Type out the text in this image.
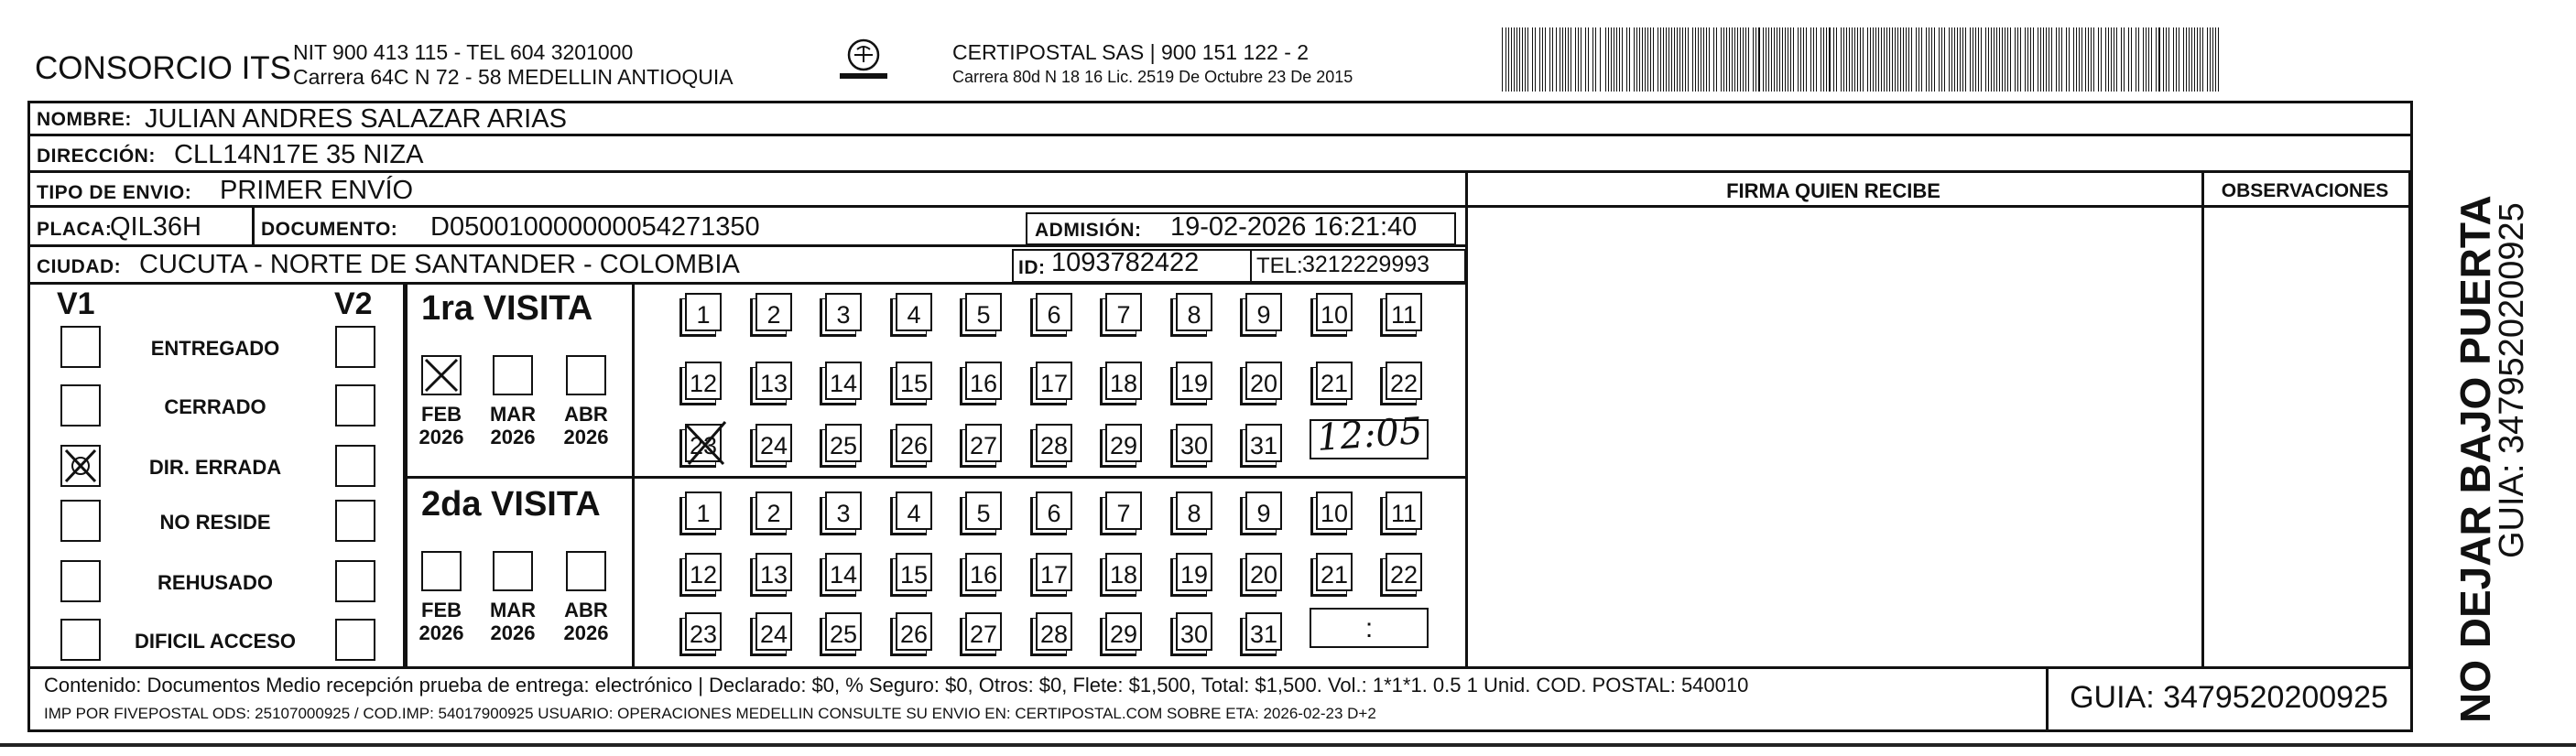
CONSORCIO ITS NIT 900 413 115 - TEL 604 3201000
Carrera 64C N 72 - 58 MEDELLIN ANTIOQUIA
CERTIPOSTAL SAS | 900 151 122 - 2
Carrera 80d N 18 16 Lic. 2519 De Octubre 23 De 2015
NOMBRE: JULIAN ANDRES SALAZAR ARIAS
DIRECCIÓN: CLL14N17E 35 NIZA
TIPO DE ENVIO: PRIMER ENVÍO	FIRMA QUIEN RECIBE	OBSERVACIONES
PLACA:
QIL36H	DOCUMENTO: D050010000000054271350	ADMISIÓN: 19-02-2026 16:21:40
CIUDAD: CUCUTA - NORTE DE SANTANDER - COLOMBIA	ID: 1093782422	TEL: 3212229993
V1	V2
ENTREGADO
CERRADO
DIR. ERRADA
NO RESIDE
REHUSADO
DIFICIL ACCESO
1ra VISITA
FEB
2026
MAR
2026
ABR
2026
2da VISITA
FEB
2026
MAR
2026
ABR
2026
1	2	3	4	5	6	7	8	9	10 11
12 13 14 15 16 17 18 19 20 21 22
23 24 25 26 27 28 29 30 31
1	2	3	4	5	6	7	8	9	10 11
12 13 14 15 16 17 18 19 20 21 22
23 24 25 26 27 28 29 30 31
12:05
:	NO DEJAR BAJO PUERTA
GUIA: 3479520200925
Contenido: Documentos Medio recepción prueba de entrega: electrónico | Declarado: $0, % Seguro: $0, Otros: $0, Flete: $1,500, Total: $1,500. Vol.: 1*1*1. 0.5 1 Unid. COD. POSTAL: 540010
IMP POR FIVEPOSTAL ODS: 25107000925 / COD.IMP: 54017900925 USUARIO: OPERACIONES MEDELLIN CONSULTE SU ENVIO EN: CERTIPOSTAL.COM SOBRE ETA: 2026-02-23 D+2	GUIA: 3479520200925
